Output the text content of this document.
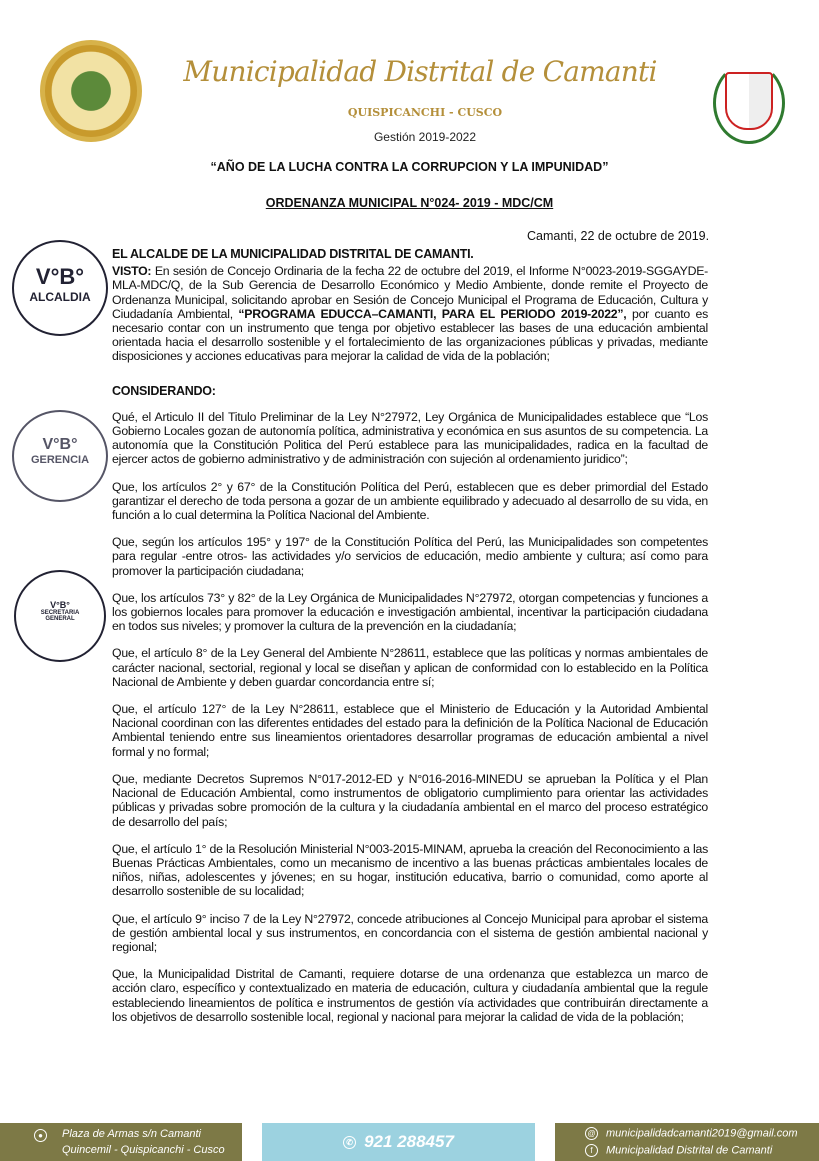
Municipalidad Distrital de Camanti
QUISPICANCHI - CUSCO
Gestión 2019-2022
“AÑO DE LA LUCHA CONTRA LA CORRUPCION Y LA IMPUNIDAD”
ORDENANZA MUNICIPAL N°024- 2019 - MDC/CM
Camanti, 22 de octubre de 2019.
EL ALCALDE DE LA MUNICIPALIDAD DISTRITAL DE CAMANTI.

VISTO: En sesión de Concejo Ordinaria de la fecha 22 de octubre del 2019, el Informe N°0023-2019-SGGAYDE-MLA-MDC/Q, de la Sub Gerencia de Desarrollo Económico y Medio Ambiente, donde remite el Proyecto de Ordenanza Municipal, solicitando aprobar en Sesión de Concejo Municipal el Programa de Educación, Cultura y Ciudadanía Ambiental, “PROGRAMA EDUCCA–CAMANTI, PARA EL PERIODO 2019-2022”, por cuanto es necesario contar con un instrumento que tenga por objetivo establecer las bases de una educación ambiental orientada hacia el desarrollo sostenible y el fortalecimiento de las organizaciones públicas y privadas, mediante disposiciones y acciones educativas para mejorar la calidad de vida de la población;

CONSIDERANDO:

Qué, el Articulo II del Titulo Preliminar de la Ley N°27972, Ley Orgánica de Municipalidades establece que “Los Gobierno Locales gozan de autonomía política, administrativa y económica en sus asuntos de su competencia. La autonomía que la Constitución Politica del Perú establece para las municipalidades, radica en la facultad de ejercer actos de gobierno administrativo y de administración con sujeción al ordenamiento juridico”;

Que, los artículos 2° y 67° de la Constitución Política del Perú, establecen que es deber primordial del Estado garantizar el derecho de toda persona a gozar de un ambiente equilibrado y adecuado al desarrollo de su vida, en función a lo cual determina la Política Nacional del Ambiente.

Que, según los artículos 195° y 197° de la Constitución Política del Perú, las Municipalidades son competentes para regular -entre otros- las actividades y/o servicios de educación, medio ambiente y cultura; así como para promover la participación ciudadana;

Que, los artículos 73° y 82° de la Ley Orgánica de Municipalidades N°27972, otorgan competencias y funciones a los gobiernos locales para promover la educación e investigación ambiental, incentivar la participación ciudadana en todos sus niveles; y promover la cultura de la prevención en la ciudadanía;

Que, el artículo 8° de la Ley General del Ambiente N°28611, establece que las políticas y normas ambientales de carácter nacional, sectorial, regional y local se diseñan y aplican de conformidad con lo establecido en la Política Nacional de Ambiente y deben guardar concordancia entre sí;

Que, el artículo 127° de la Ley N°28611, establece que el Ministerio de Educación y la Autoridad Ambiental Nacional coordinan con las diferentes entidades del estado para la definición de la Política Nacional de Educación Ambiental teniendo entre sus lineamientos orientadores desarrollar programas de educación ambiental a nivel formal y no formal;

Que, mediante Decretos Supremos N°017-2012-ED y N°016-2016-MINEDU se aprueban la Política y el Plan Nacional de Educación Ambiental, como instrumentos de obligatorio cumplimiento para orientar las actividades públicas y privadas sobre promoción de la cultura y la ciudadanía ambiental en el marco del proceso estratégico de desarrollo del país;

Que, el artículo 1° de la Resolución Ministerial N°003-2015-MINAM, aprueba la creación del Reconocimiento a las Buenas Prácticas Ambientales, como un mecanismo de incentivo a las buenas prácticas ambientales locales de niños, niñas, adolescentes y jóvenes; en su hogar, institución educativa, barrio o comunidad, como aporte al desarrollo sostenible de su localidad;

Que, el artículo 9° inciso 7 de la Ley N°27972, concede atribuciones al Concejo Municipal para aprobar el sistema de gestión ambiental local y sus instrumentos, en concordancia con el sistema de gestión ambiental nacional y regional;

Que, la Municipalidad Distrital de Camanti, requiere dotarse de una ordenanza que establezca un marco de acción claro, específico y contextualizado en materia de educación, cultura y ciudadanía ambiental que la regule estableciendo lineamientos de política e instrumentos de gestión vía actividades que contribuirán directamente a los objetivos de desarrollo sostenible local, regional y nacional para mejorar la calidad de vida de la población;

V°B°
ALCALDIA
V°B°
GERENCIA
V°B°
SECRETARIA GENERAL
●	Plaza de Armas s/n Camanti
Quincemil - Quispicanchi - Cusco
✆ 921 288457	@ municipalidadcamanti2019@gmail.com
f Municipalidad Distrital de Camanti
